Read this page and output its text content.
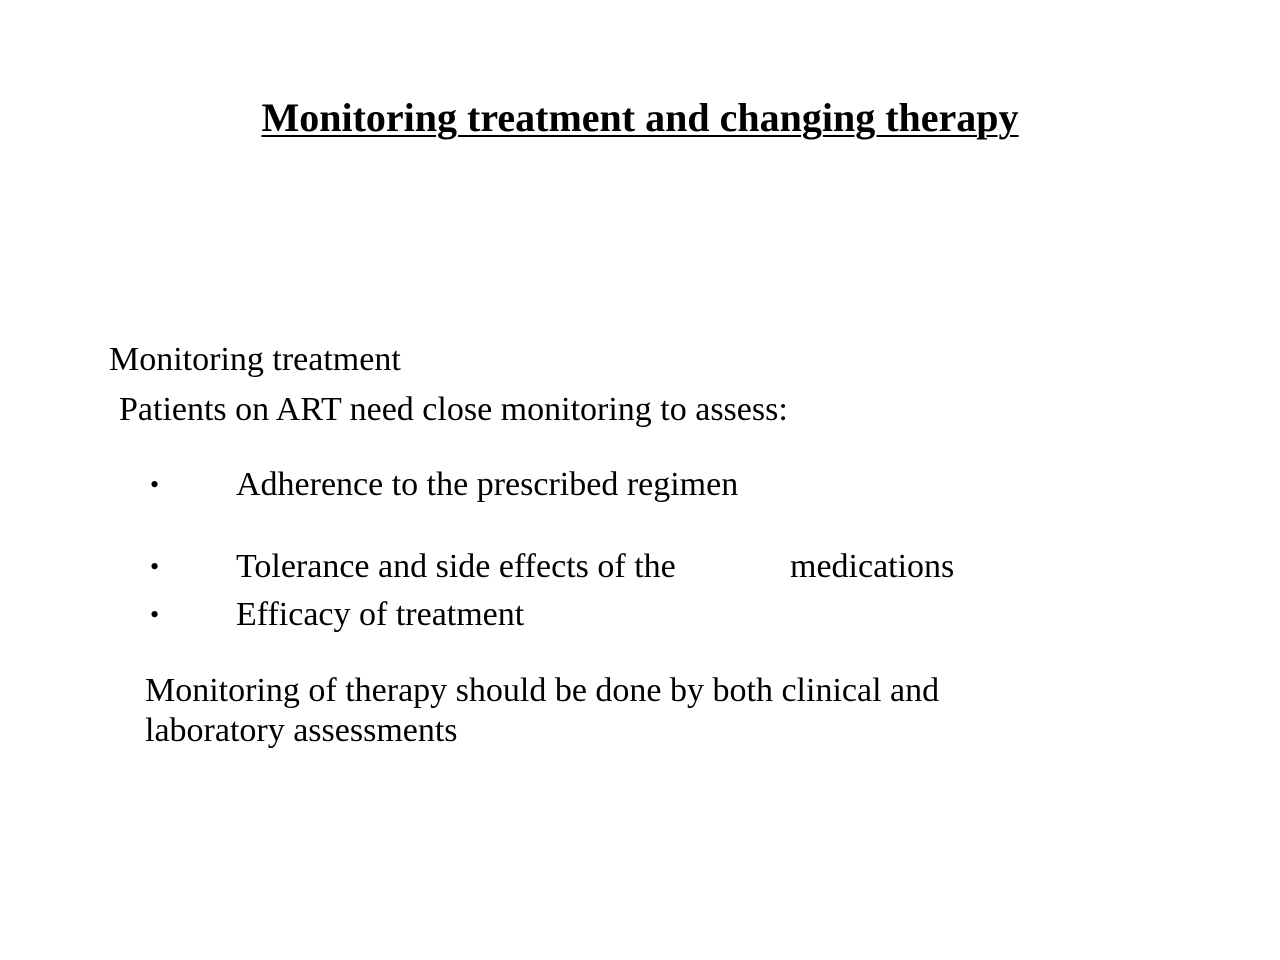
Monitoring treatment and changing therapy
Monitoring treatment
Patients on ART need close monitoring to assess:
• Adherence to the prescribed regimen
• Tolerance and side effects of the	medications
• Efficacy of treatment
Monitoring of therapy should be done by both clinical and
laboratory assessments
